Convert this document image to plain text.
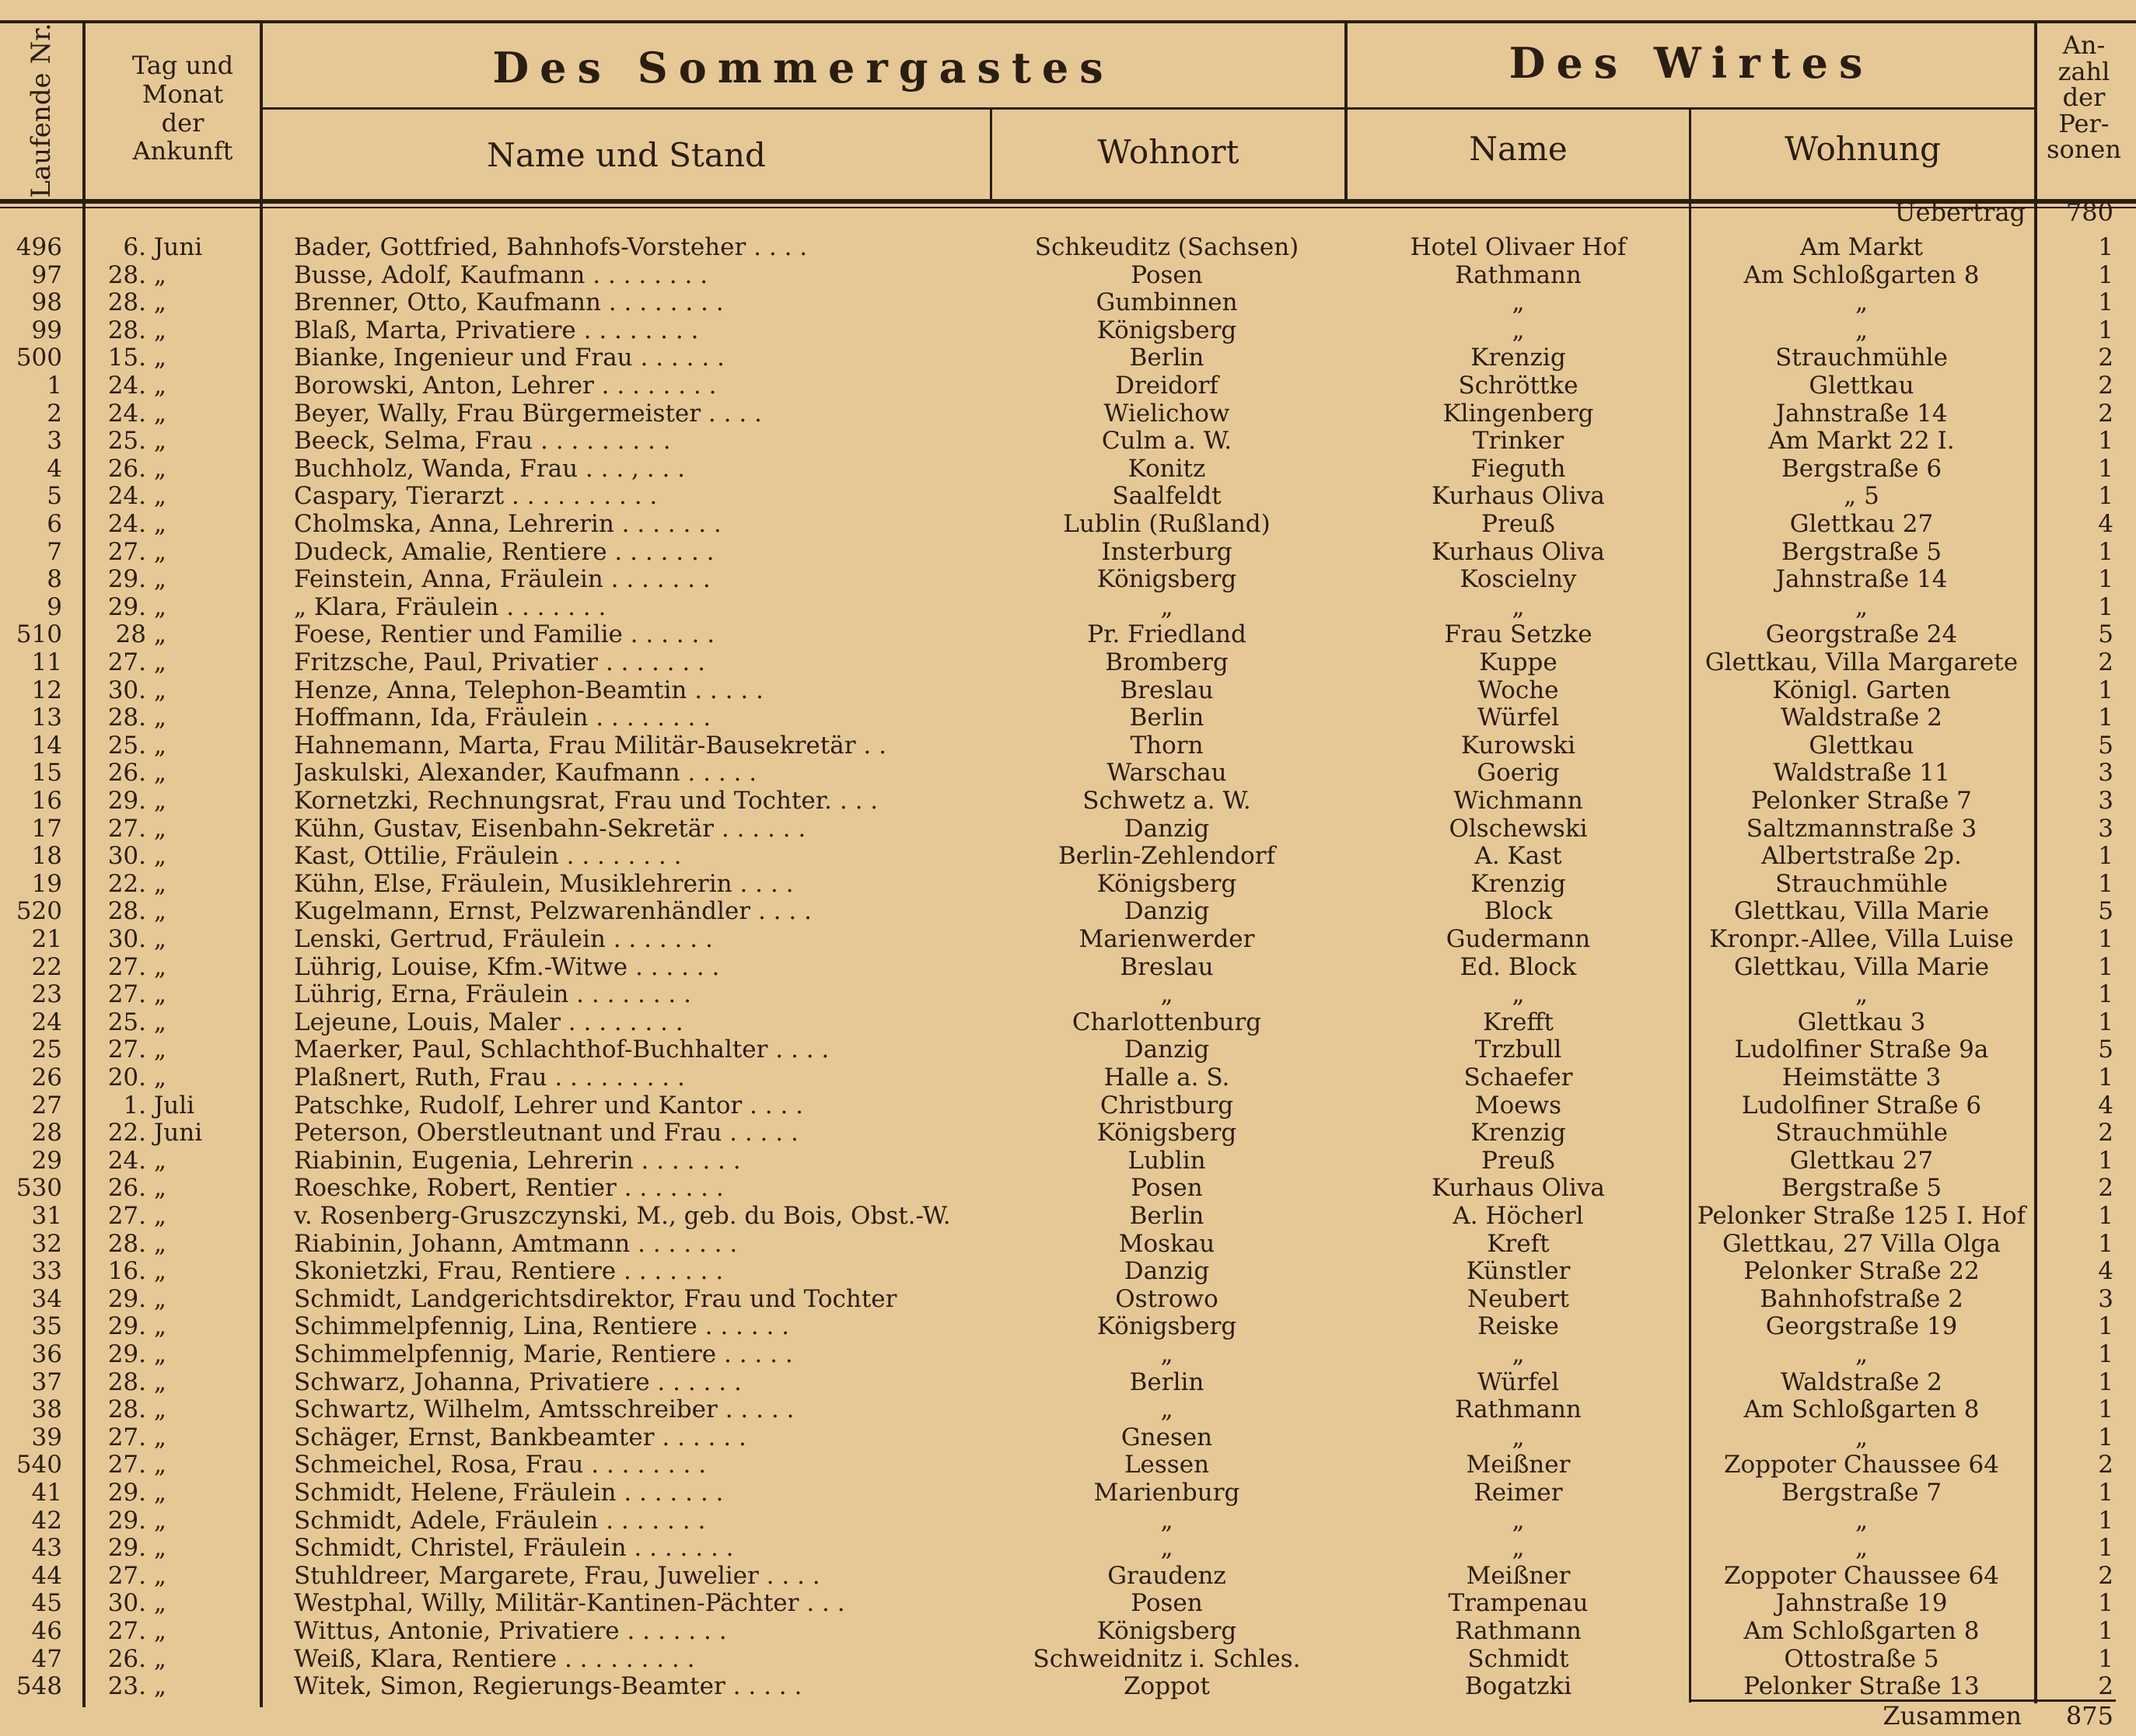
Laufende Nr.	Tag und
Monat
der
Ankunft
Des Sommergastes	Des Wirtes
Name und Stand	Wohnort	Name	Wohnung
An-
zahl
der
Per-
sonen
Uebertrag	780
496	6. Juni	Bader, Gottfried, Bahnhofs-Vorsteher . . . .	Schkeuditz (Sachsen)	Hotel Olivaer Hof	Am Markt	1
97	28. „	Busse, Adolf, Kaufmann . . . . . . . .	Posen	Rathmann	Am Schloßgarten 8	1
98	28. „	Brenner, Otto, Kaufmann . . . . . . . .	Gumbinnen	„	„	1
99	28. „	Blaß, Marta, Privatiere . . . . . . . .	Königsberg	„	„	1
500	15. „	Bianke, Ingenieur und Frau . . . . . .	Berlin	Krenzig	Strauchmühle	2
1	24. „	Borowski, Anton, Lehrer . . . . . . . .	Dreidorf	Schröttke	Glettkau	2
2	24. „	Beyer, Wally, Frau Bürgermeister . . . .	Wielichow	Klingenberg	Jahnstraße 14	2
3	25. „	Beeck, Selma, Frau . . . . . . . . .	Culm a. W.	Trinker	Am Markt 22 I.	1
4	26. „	Buchholz, Wanda, Frau . . . , . . .	Konitz	Fieguth	Bergstraße 6	1
5	24. „	Caspary, Tierarzt . . . . . . . . . .	Saalfeldt	Kurhaus Oliva	„ 5	1
6	24. „	Cholmska, Anna, Lehrerin . . . . . . .	Lublin (Rußland)	Preuß	Glettkau 27	4
7	27. „	Dudeck, Amalie, Rentiere . . . . . . .	Insterburg	Kurhaus Oliva	Bergstraße 5	1
8	29. „	Feinstein, Anna, Fräulein . . . . . . .	Königsberg	Koscielny	Jahnstraße 14	1
9	29. „	„ Klara, Fräulein . . . . . . .	„	„	„	1
510	28 „	Foese, Rentier und Familie . . . . . .	Pr. Friedland	Frau Setzke	Georgstraße 24	5
11	27. „	Fritzsche, Paul, Privatier . . . . . . .	Bromberg	Kuppe	Glettkau, Villa Margarete	2
12	30. „	Henze, Anna, Telephon-Beamtin . . . . .	Breslau	Woche	Königl. Garten	1
13	28. „	Hoffmann, Ida, Fräulein . . . . . . . .	Berlin	Würfel	Waldstraße 2	1
14	25. „	Hahnemann, Marta, Frau Militär-Bausekretär . .	Thorn	Kurowski	Glettkau	5
15	26. „	Jaskulski, Alexander, Kaufmann . . . . .	Warschau	Goerig	Waldstraße 11	3
16	29. „	Kornetzki, Rechnungsrat, Frau und Tochter. . . .	Schwetz a. W.	Wichmann	Pelonker Straße 7	3
17	27. „	Kühn, Gustav, Eisenbahn-Sekretär . . . . . .	Danzig	Olschewski	Saltzmannstraße 3	3
18	30. „	Kast, Ottilie, Fräulein . . . . . . . .	Berlin-Zehlendorf	A. Kast	Albertstraße 2p.	1
19	22. „	Kühn, Else, Fräulein, Musiklehrerin . . . .	Königsberg	Krenzig	Strauchmühle	1
520	28. „	Kugelmann, Ernst, Pelzwarenhändler . . . .	Danzig	Block	Glettkau, Villa Marie	5
21	30. „	Lenski, Gertrud, Fräulein . . . . . . .	Marienwerder	Gudermann	Kronpr.-Allee, Villa Luise	1
22	27. „	Lührig, Louise, Kfm.-Witwe . . . . . .	Breslau	Ed. Block	Glettkau, Villa Marie	1
23	27. „	Lührig, Erna, Fräulein . . . . . . . .	„	„	„	1
24	25. „	Lejeune, Louis, Maler . . . . . . . .	Charlottenburg	Krefft	Glettkau 3	1
25	27. „	Maerker, Paul, Schlachthof-Buchhalter . . . .	Danzig	Trzbull	Ludolfiner Straße 9a	5
26	20. „	Plaßnert, Ruth, Frau . . . . . . . . .	Halle a. S.	Schaefer	Heimstätte 3	1
27	1. Juli	Patschke, Rudolf, Lehrer und Kantor . . . .	Christburg	Moews	Ludolfiner Straße 6	4
28	22. Juni	Peterson, Oberstleutnant und Frau . . . . .	Königsberg	Krenzig	Strauchmühle	2
29	24. „	Riabinin, Eugenia, Lehrerin . . . . . . .	Lublin	Preuß	Glettkau 27	1
530	26. „	Roeschke, Robert, Rentier . . . . . . .	Posen	Kurhaus Oliva	Bergstraße 5	2
31	27. „	v. Rosenberg-Gruszczynski, M., geb. du Bois, Obst.-W.	Berlin	A. Höcherl	Pelonker Straße 125 I. Hof	1
32	28. „	Riabinin, Johann, Amtmann . . . . . . .	Moskau	Kreft	Glettkau, 27 Villa Olga	1
33	16. „	Skonietzki, Frau, Rentiere . . . . . . .	Danzig	Künstler	Pelonker Straße 22	4
34	29. „	Schmidt, Landgerichtsdirektor, Frau und Tochter	Ostrowo	Neubert	Bahnhofstraße 2	3
35	29. „	Schimmelpfennig, Lina, Rentiere . . . . . .	Königsberg	Reiske	Georgstraße 19	1
36	29. „	Schimmelpfennig, Marie, Rentiere . . . . .	„	„	„	1
37	28. „	Schwarz, Johanna, Privatiere . . . . . .	Berlin	Würfel	Waldstraße 2	1
38	28. „	Schwartz, Wilhelm, Amtsschreiber . . . . .	„	Rathmann	Am Schloßgarten 8	1
39	27. „	Schäger, Ernst, Bankbeamter . . . . . .	Gnesen	„	„	1
540	27. „	Schmeichel, Rosa, Frau . . . . . . . .	Lessen	Meißner	Zoppoter Chaussee 64	2
41	29. „	Schmidt, Helene, Fräulein . . . . . . .	Marienburg	Reimer	Bergstraße 7	1
42	29. „	Schmidt, Adele, Fräulein . . . . . . .	„	„	„	1
43	29. „	Schmidt, Christel, Fräulein . . . . . . .	„	„	„	1
44	27. „	Stuhldreer, Margarete, Frau, Juwelier . . . .	Graudenz	Meißner	Zoppoter Chaussee 64	2
45	30. „	Westphal, Willy, Militär-Kantinen-Pächter . . .	Posen	Trampenau	Jahnstraße 19	1
46	27. „	Wittus, Antonie, Privatiere . . . . . . .	Königsberg	Rathmann	Am Schloßgarten 8	1
47	26. „	Weiß, Klara, Rentiere . . . . . . . . .	Schweidnitz i. Schles.	Schmidt	Ottostraße 5	1
548	23. „	Witek, Simon, Regierungs-Beamter . . . . .	Zoppot	Bogatzki	Pelonker Straße 13	2
Zusammen	875
